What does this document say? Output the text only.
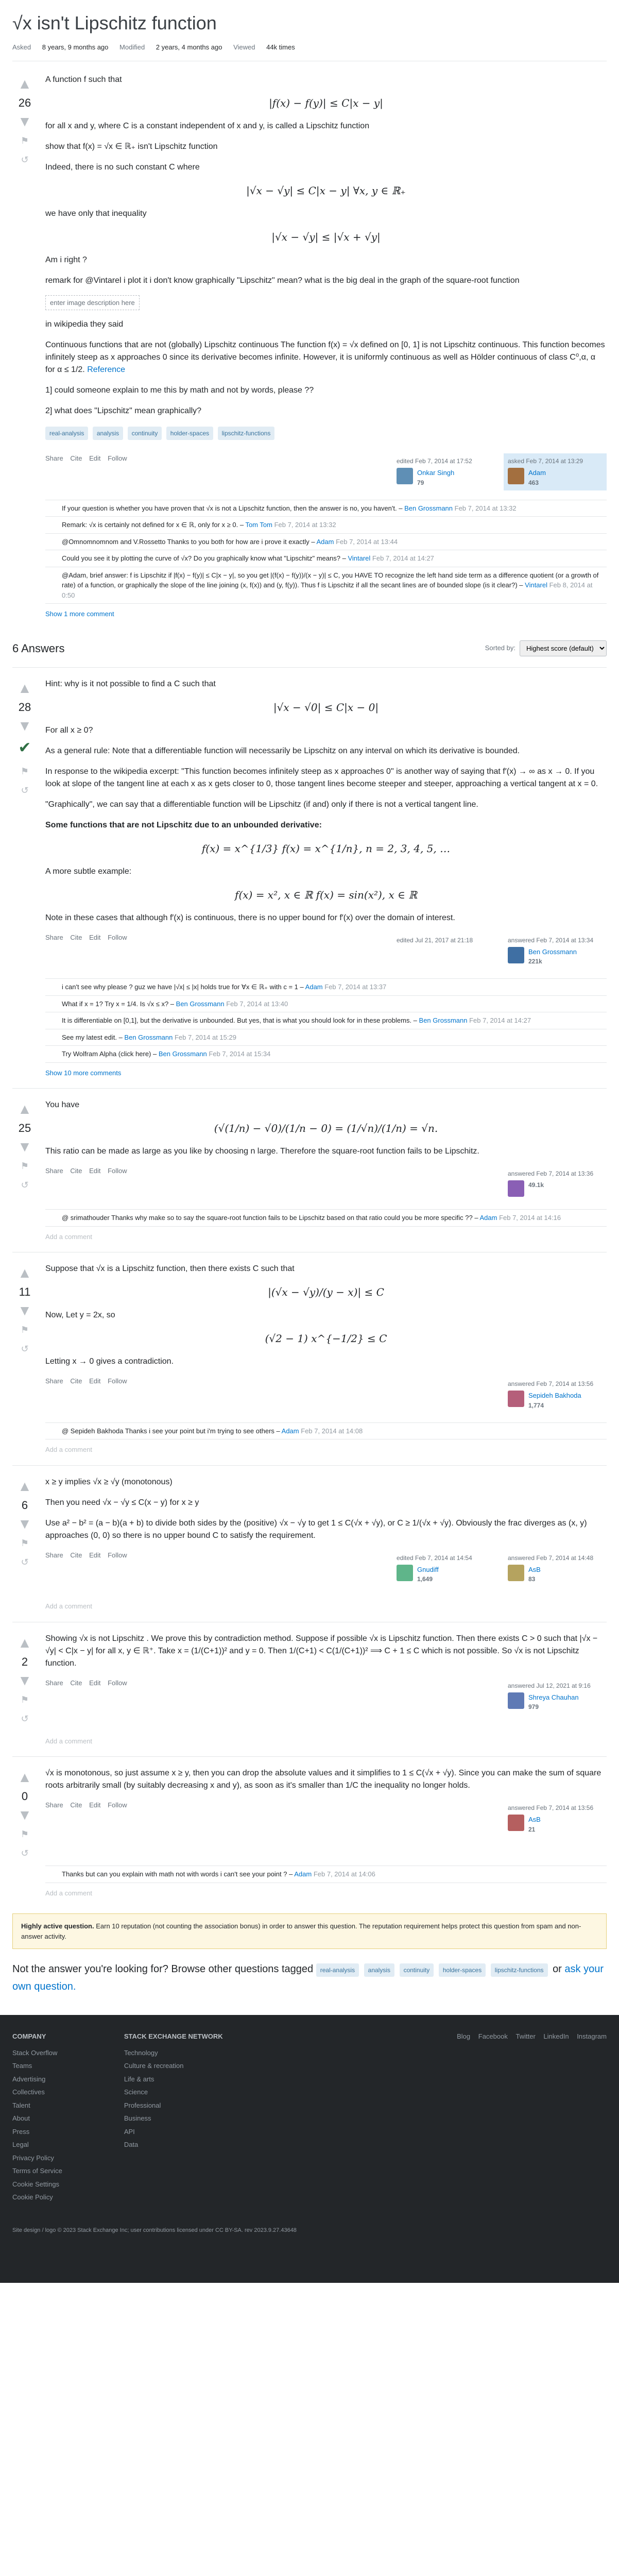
√x isn't Lipschitz function
Asked 8 years, 9 months ago Modified 2 years, 4 months ago Viewed 44k times
▲
26
▼
⚑
↺

A function f such that

|f(x) − f(y)| ≤ C|x − y|

for all x and y, where C is a constant independent of x and y, is called a Lipschitz function

show that f(x) = √x ∈ ℝ₊ isn't Lipschitz function

Indeed, there is no such constant C where

|√x − √y| ≤ C|x − y| ∀x, y ∈ ℝ₊

we have only that inequality

|√x − √y| ≤ |√x + √y|

Am i right ?

remark for @Vintarel i plot it i don't know graphically "Lipschitz" mean? what is the big deal in the graph of the square-root function

enter image description here

in wikipedia they said

Continuous functions that are not (globally) Lipschitz continuous The function f(x) = √x defined on [0, 1] is not Lipschitz continuous. This function becomes infinitely steep as x approaches 0 since its derivative becomes infinite. However, it is uniformly continuous as well as Hölder continuous of class C⁰,α, α for α ≤ 1/2. Reference

1] could someone explain to me this by math and not by words, please ??

2] what does "Lipschitz" mean graphically?

real-analysis analysis continuity holder-spaces lipschitz-functions
Share Cite Edit Follow	edited Feb 7, 2014 at 17:52
Onkar Singh
79
asked Feb 7, 2014 at 13:29
Adam
463
If your question is whether you have proven that √x is not a Lipschitz function, then the answer is no, you haven't. – Ben Grossmann Feb 7, 2014 at 13:32
Remark: √x is certainly not defined for x ∈ ℝ, only for x ≥ 0. – Tom Tom Feb 7, 2014 at 13:32
@Omnomnomnom and V.Rossetto Thanks to you both for how are i prove it exactly – Adam Feb 7, 2014 at 13:44
Could you see it by plotting the curve of √x? Do you graphically know what "Lipschitz" means? – Vintarel Feb 7, 2014 at 14:27
@Adam, brief answer: f is Lipschitz if |f(x) − f(y)| ≤ C|x − y|, so you get |(f(x) − f(y))/(x − y)| ≤ C, you HAVE TO recognize the left hand side term as a difference quotient (or a growth of rate) of a function, or graphically the slope of the line joining (x, f(x)) and (y, f(y)). Thus f is Lipschitz if all the secant lines are of bounded slope (is it clear?) – Vintarel Feb 8, 2014 at 0:50
Show 1 more comment
6 Answers	Sorted by:
Highest score (default)
▲
28
▼
✔
⚑
↺

Hint: why is it not possible to find a C such that

|√x − √0| ≤ C|x − 0|

For all x ≥ 0?

As a general rule: Note that a differentiable function will necessarily be Lipschitz on any interval on which its derivative is bounded.

In response to the wikipedia excerpt: "This function becomes infinitely steep as x approaches 0" is another way of saying that f′(x) → ∞ as x → 0. If you look at slope of the tangent line at each x as x gets closer to 0, those tangent lines become steeper and steeper, approaching a vertical tangent at x = 0.

"Graphically", we can say that a differentiable function will be Lipschitz (if and) only if there is not a vertical tangent line.

Some functions that are not Lipschitz due to an unbounded derivative:

f(x) = x^{1/3} f(x) = x^{1/n}, n = 2, 3, 4, 5, …

A more subtle example:

f(x) = x², x ∈ ℝ f(x) = sin(x²), x ∈ ℝ

Note in these cases that although f′(x) is continuous, there is no upper bound for f′(x) over the domain of interest.

Share Cite Edit Follow	edited Jul 21, 2017 at 21:18	answered Feb 7, 2014 at 13:34
Ben Grossmann
221k
i can't see why please ? guz we have |√x| ≤ |x| holds true for ∀x ∈ ℝ₊ with c = 1 – Adam Feb 7, 2014 at 13:37
What if x = 1? Try x = 1/4. Is √x ≤ x? – Ben Grossmann Feb 7, 2014 at 13:40
It is differentiable on [0,1], but the derivative is unbounded. But yes, that is what you should look for in these problems. – Ben Grossmann Feb 7, 2014 at 14:27
See my latest edit. – Ben Grossmann Feb 7, 2014 at 15:29
Try Wolfram Alpha (click here) – Ben Grossmann Feb 7, 2014 at 15:34
Show 10 more comments
▲
25
▼
⚑
↺

You have

(√(1/n) − √0)/(1/n − 0) = (1/√n)/(1/n) = √n.

This ratio can be made as large as you like by choosing n large. Therefore the square-root function fails to be Lipschitz.

Share Cite Edit Follow	answered Feb 7, 2014 at 13:36
49.1k
@ srimathouder Thanks why make so to say the square-root function fails to be Lipschitz based on that ratio could you be more specific ?? – Adam Feb 7, 2014 at 14:16
Add a comment
▲
11
▼
⚑
↺

Suppose that √x is a Lipschitz function, then there exists C such that

|(√x − √y)/(y − x)| ≤ C

Now, Let y = 2x, so

(√2 − 1) x^{−1/2} ≤ C

Letting x → 0 gives a contradiction.

Share Cite Edit Follow	answered Feb 7, 2014 at 13:56
Sepideh Bakhoda
1,774
@ Sepideh Bakhoda Thanks i see your point but i'm trying to see others – Adam Feb 7, 2014 at 14:08
Add a comment
▲
6
▼
⚑
↺

x ≥ y implies √x ≥ √y (monotonous)

Then you need √x − √y ≤ C(x − y) for x ≥ y

Use a² − b² = (a − b)(a + b) to divide both sides by the (positive) √x − √y to get 1 ≤ C(√x + √y), or C ≥ 1/(√x + √y). Obviously the frac diverges as (x, y) approaches (0, 0) so there is no upper bound C to satisfy the requirement.

Share Cite Edit Follow	edited Feb 7, 2014 at 14:54
Gnudiff
1,649
answered Feb 7, 2014 at 14:48
AsB
83
Add a comment
▲
2
▼
⚑
↺

Showing √x is not Lipschitz . We prove this by contradiction method. Suppose if possible √x is Lipschitz function. Then there exists C > 0 such that |√x − √y| < C|x − y| for all x, y ∈ ℝ⁺. Take x = (1/(C+1))² and y = 0. Then 1/(C+1) < C(1/(C+1))² ⟹ C + 1 ≤ C which is not possible. So √x is not Lipschitz function.

Share Cite Edit Follow	answered Jul 12, 2021 at 9:16
Shreya Chauhan
979
Add a comment
▲
0
▼
⚑
↺

√x is monotonous, so just assume x ≥ y, then you can drop the absolute values and it simplifies to 1 ≤ C(√x + √y). Since you can make the sum of square roots arbitrarily small (by suitably decreasing x and y), as soon as it's smaller than 1/C the inequality no longer holds.

Share Cite Edit Follow	answered Feb 7, 2014 at 13:56
AsB
21
Thanks but can you explain with math not with words i can't see your point ? – Adam Feb 7, 2014 at 14:06
Add a comment
Highly active question. Earn 10 reputation (not counting the association bonus) in order to answer this question. The reputation requirement helps protect this question from spam and non-answer activity.
Not the answer you're looking for? Browse other questions tagged real-analysis analysis continuity holder-spaces lipschitz-functions or ask your own question.
COMPANY
Stack Overflow
Teams
Advertising
Collectives
Talent
About
Press
Legal
Privacy Policy
Terms of Service
Cookie Settings
Cookie Policy
STACK EXCHANGE NETWORK
Technology
Culture & recreation
Life & arts
Science
Professional
Business
API
Data
Blog Facebook Twitter LinkedIn Instagram
Site design / logo © 2023 Stack Exchange Inc; user contributions licensed under CC BY-SA. rev 2023.9.27.43648
